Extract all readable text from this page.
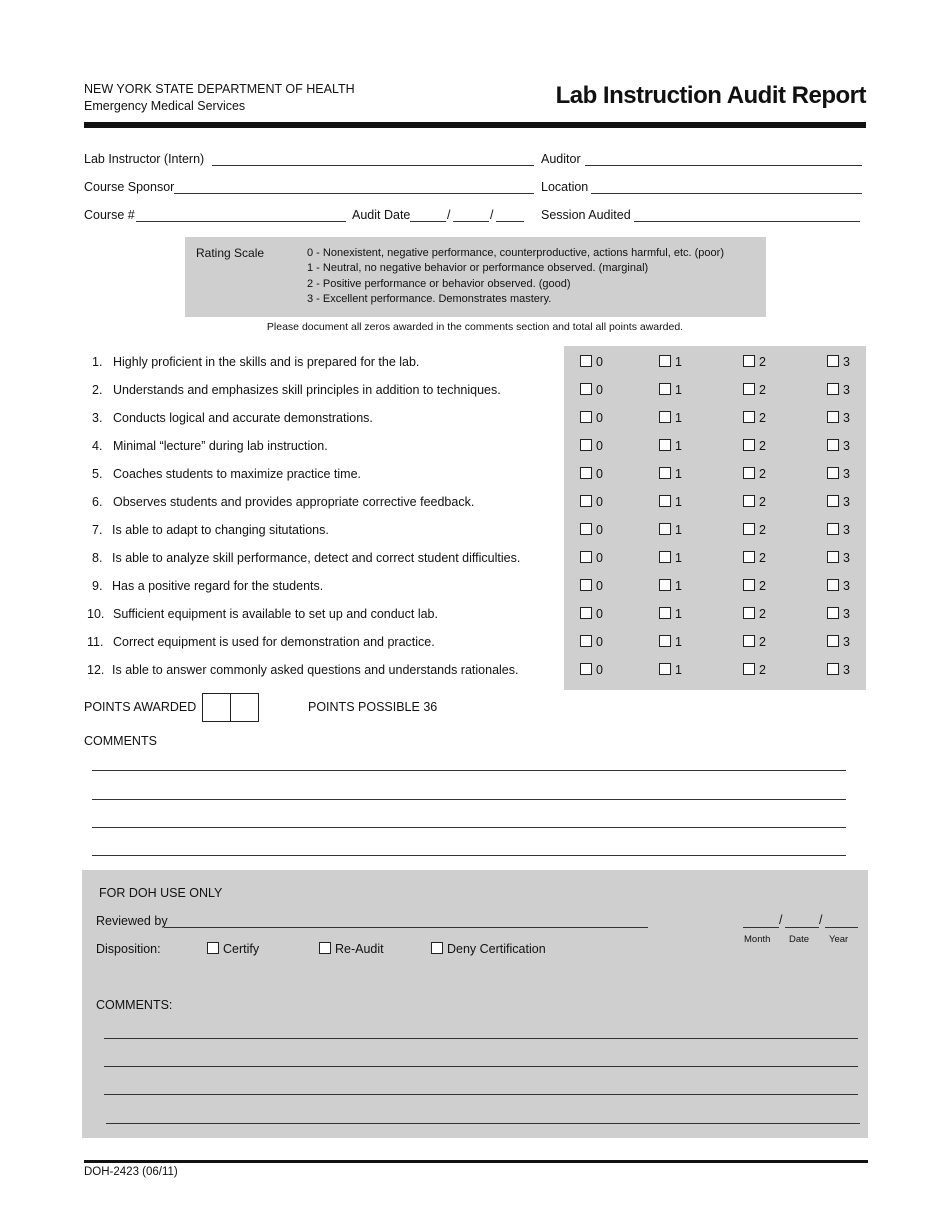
NEW YORK STATE DEPARTMENT OF HEALTH
Emergency Medical Services	Lab Instruction Audit Report
Lab Instructor (Intern)	Auditor
Course Sponsor	Location
Course #	Audit Date	/	/	Session Audited
Rating Scale	0 - Nonexistent, negative performance, counterproductive, actions harmful, etc. (poor)
1 - Neutral, no negative behavior or performance observed. (marginal)
2 - Positive performance or behavior observed. (good)
3 - Excellent performance. Demonstrates mastery.
Please document all zeros awarded in the comments section and total all points awarded.
1. Highly proficient in the skills and is prepared for the lab.	0	1	2	3
2. Understands and emphasizes skill principles in addition to techniques.	0	1	2	3
3. Conducts logical and accurate demonstrations.	0	1	2	3
4. Minimal “lecture” during lab instruction.	0	1	2	3
5. Coaches students to maximize practice time.	0	1	2	3
6. Observes students and provides appropriate corrective feedback.	0	1	2	3
7. Is able to adapt to changing situtations.	0	1	2	3
8. Is able to analyze skill performance, detect and correct student difficulties.	0	1	2	3
9. Has a positive regard for the students.	0	1	2	3
10. Sufficient equipment is available to set up and conduct lab.	0	1	2	3
11. Correct equipment is used for demonstration and practice.	0	1	2	3
12. Is able to answer commonly asked questions and understands rationales.	0	1	2	3
POINTS AWARDED	POINTS POSSIBLE 36
COMMENTS
FOR DOH USE ONLY
Reviewed by	/	/
Month Date Year
Disposition:	Certify	Re-Audit	Deny Certification
COMMENTS:
DOH-2423 (06/11)
